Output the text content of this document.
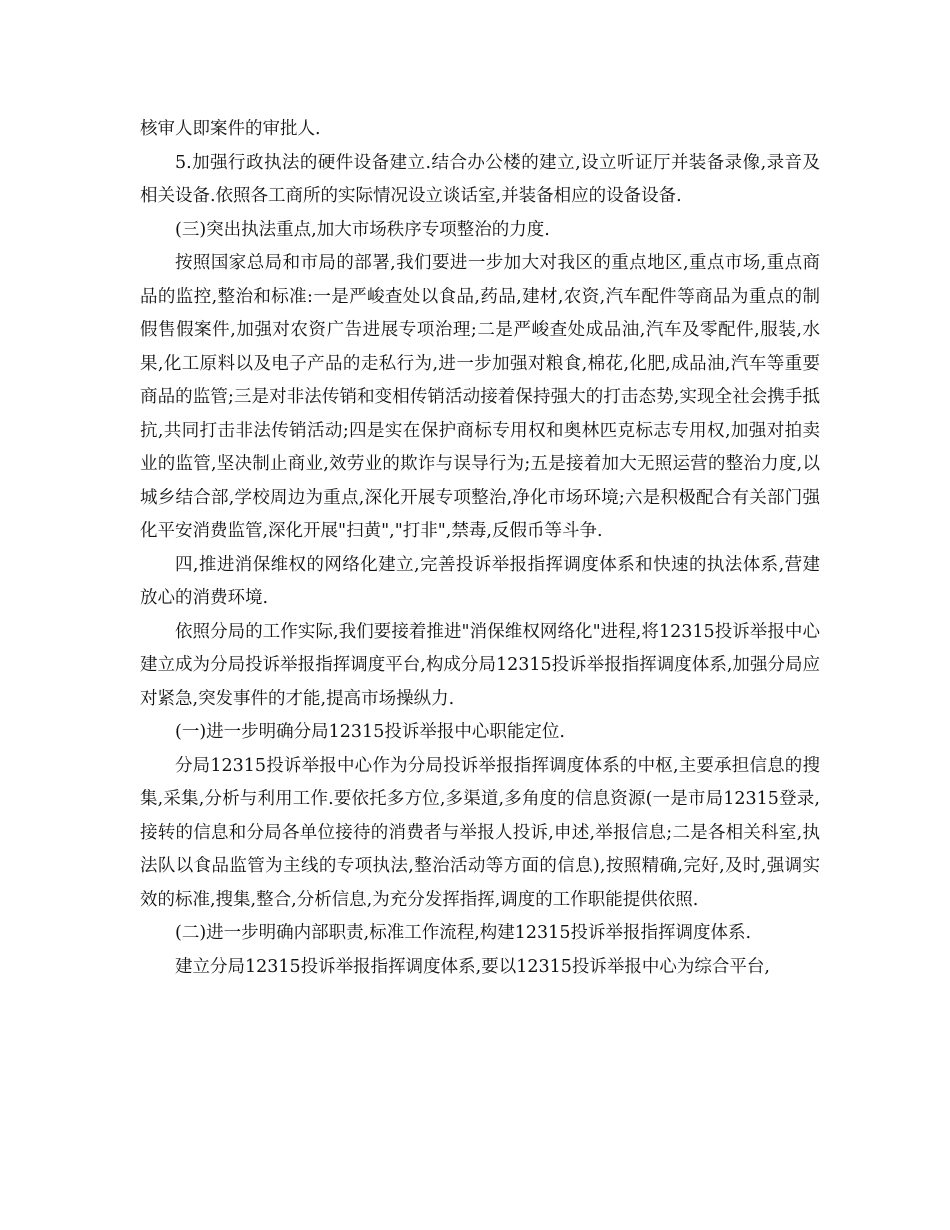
核审人即案件的审批人.

5.加强行政执法的硬件设备建立.结合办公楼的建立,设立听证厅并装备录像,录音及相关设备.依照各工商所的实际情况设立谈话室,并装备相应的设备设备.

(三)突出执法重点,加大市场秩序专项整治的力度.

按照国家总局和市局的部署,我们要进一步加大对我区的重点地区,重点市场,重点商品的监控,整治和标准:一是严峻查处以食品,药品,建材,农资,汽车配件等商品为重点的制假售假案件,加强对农资广告进展专项治理;二是严峻查处成品油,汽车及零配件,服装,水果,化工原料以及电子产品的走私行为,进一步加强对粮食,棉花,化肥,成品油,汽车等重要商品的监管;三是对非法传销和变相传销活动接着保持强大的打击态势,实现全社会携手抵抗,共同打击非法传销活动;四是实在保护商标专用权和奥林匹克标志专用权,加强对拍卖业的监管,坚决制止商业,效劳业的欺诈与误导行为;五是接着加大无照运营的整治力度,以城乡结合部,学校周边为重点,深化开展专项整治,净化市场环境;六是积极配合有关部门强化平安消费监管,深化开展"扫黄","打非",禁毒,反假币等斗争.

四,推进消保维权的网络化建立,完善投诉举报指挥调度体系和快速的执法体系,营建放心的消费环境.

依照分局的工作实际,我们要接着推进"消保维权网络化"进程,将12315投诉举报中心建立成为分局投诉举报指挥调度平台,构成分局12315投诉举报指挥调度体系,加强分局应对紧急,突发事件的才能,提高市场操纵力.

(一)进一步明确分局12315投诉举报中心职能定位.

分局12315投诉举报中心作为分局投诉举报指挥调度体系的中枢,主要承担信息的搜集,采集,分析与利用工作.要依托多方位,多渠道,多角度的信息资源(一是市局12315登录,接转的信息和分局各单位接待的消费者与举报人投诉,申述,举报信息;二是各相关科室,执法队以食品监管为主线的专项执法,整治活动等方面的信息),按照精确,完好,及时,强调实效的标准,搜集,整合,分析信息,为充分发挥指挥,调度的工作职能提供依照.

(二)进一步明确内部职责,标准工作流程,构建12315投诉举报指挥调度体系.

建立分局12315投诉举报指挥调度体系,要以12315投诉举报中心为综合平台,
